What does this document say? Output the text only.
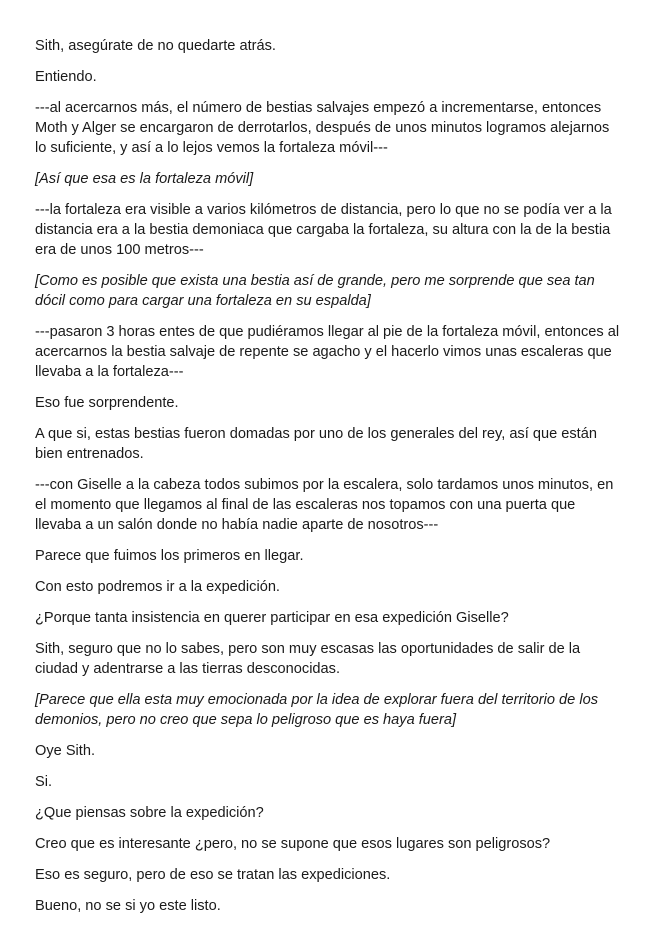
Sith, asegúrate de no quedarte atrás.

Entiendo.

---al acercarnos más, el número de bestias salvajes empezó a incrementarse, entonces
Moth y Alger se encargaron de derrotarlos, después de unos minutos logramos alejarnos
lo suficiente, y así a lo lejos vemos la fortaleza móvil---

[Así que esa es la fortaleza móvil]

---la fortaleza era visible a varios kilómetros de distancia, pero lo que no se podía ver a la
distancia era a la bestia demoniaca que cargaba la fortaleza, su altura con la de la bestia
era de unos 100 metros---

[Como es posible que exista una bestia así de grande, pero me sorprende que sea tan
dócil como para cargar una fortaleza en su espalda]

---pasaron 3 horas entes de que pudiéramos llegar al pie de la fortaleza móvil, entonces al
acercarnos la bestia salvaje de repente se agacho y el hacerlo vimos unas escaleras que
llevaba a la fortaleza---

Eso fue sorprendente.

A que si, estas bestias fueron domadas por uno de los generales del rey, así que están
bien entrenados.

---con Giselle a la cabeza todos subimos por la escalera, solo tardamos unos minutos, en
el momento que llegamos al final de las escaleras nos topamos con una puerta que
llevaba a un salón donde no había nadie aparte de nosotros---

Parece que fuimos los primeros en llegar.

Con esto podremos ir a la expedición.

¿Porque tanta insistencia en querer participar en esa expedición Giselle?

Sith, seguro que no lo sabes, pero son muy escasas las oportunidades de salir de la
ciudad y adentrarse a las tierras desconocidas.

[Parece que ella esta muy emocionada por la idea de explorar fuera del territorio de los
demonios, pero no creo que sepa lo peligroso que es haya fuera]

Oye Sith.

Si.

¿Que piensas sobre la expedición?

Creo que es interesante ¿pero, no se supone que esos lugares son peligrosos?

Eso es seguro, pero de eso se tratan las expediciones.

Bueno, no se si yo este listo.
